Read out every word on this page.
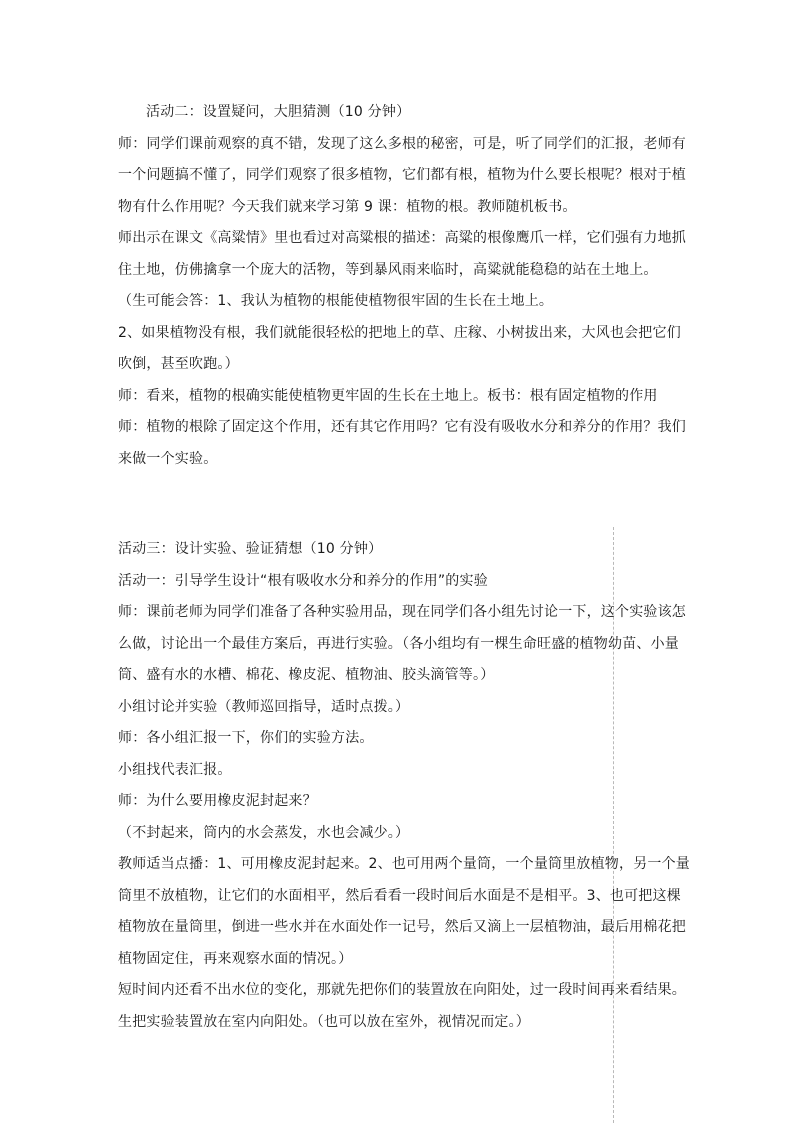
活动二：设置疑问，大胆猜测（10 分钟）
师：同学们课前观察的真不错，发现了这么多根的秘密，可是，听了同学们的汇报，老师有
一个问题搞不懂了，同学们观察了很多植物，它们都有根，植物为什么要长根呢？根对于植
物有什么作用呢？今天我们就来学习第 9 课：植物的根。教师随机板书。
师出示在课文《高粱情》里也看过对高粱根的描述：高粱的根像鹰爪一样，它们强有力地抓
住土地，仿佛擒拿一个庞大的活物，等到暴风雨来临时，高粱就能稳稳的站在土地上。
（生可能会答：1、我认为植物的根能使植物很牢固的生长在土地上。
2、如果植物没有根，我们就能很轻松的把地上的草、庄稼、小树拔出来，大风也会把它们
吹倒，甚至吹跑。）
师：看来，植物的根确实能使植物更牢固的生长在土地上。板书：根有固定植物的作用
师：植物的根除了固定这个作用，还有其它作用吗？它有没有吸收水分和养分的作用？我们
来做一个实验。
活动三：设计实验、验证猜想（10 分钟）
活动一：引导学生设计“根有吸收水分和养分的作用”的实验
师：课前老师为同学们准备了各种实验用品，现在同学们各小组先讨论一下，这个实验该怎
么做，讨论出一个最佳方案后，再进行实验。（各小组均有一棵生命旺盛的植物幼苗、小量
筒、盛有水的水槽、棉花、橡皮泥、植物油、胶头滴管等。）
小组讨论并实验（教师巡回指导，适时点拨。）
师：各小组汇报一下，你们的实验方法。
小组找代表汇报。
师：为什么要用橡皮泥封起来？
（不封起来，筒内的水会蒸发，水也会减少。）
教师适当点播：1、可用橡皮泥封起来。2、也可用两个量筒，一个量筒里放植物，另一个量
筒里不放植物，让它们的水面相平，然后看看一段时间后水面是不是相平。3、也可把这棵
植物放在量筒里，倒进一些水并在水面处作一记号，然后又滴上一层植物油，最后用棉花把
植物固定住，再来观察水面的情况。）
短时间内还看不出水位的变化，那就先把你们的装置放在向阳处，过一段时间再来看结果。
生把实验装置放在室内向阳处。（也可以放在室外，视情况而定。）
